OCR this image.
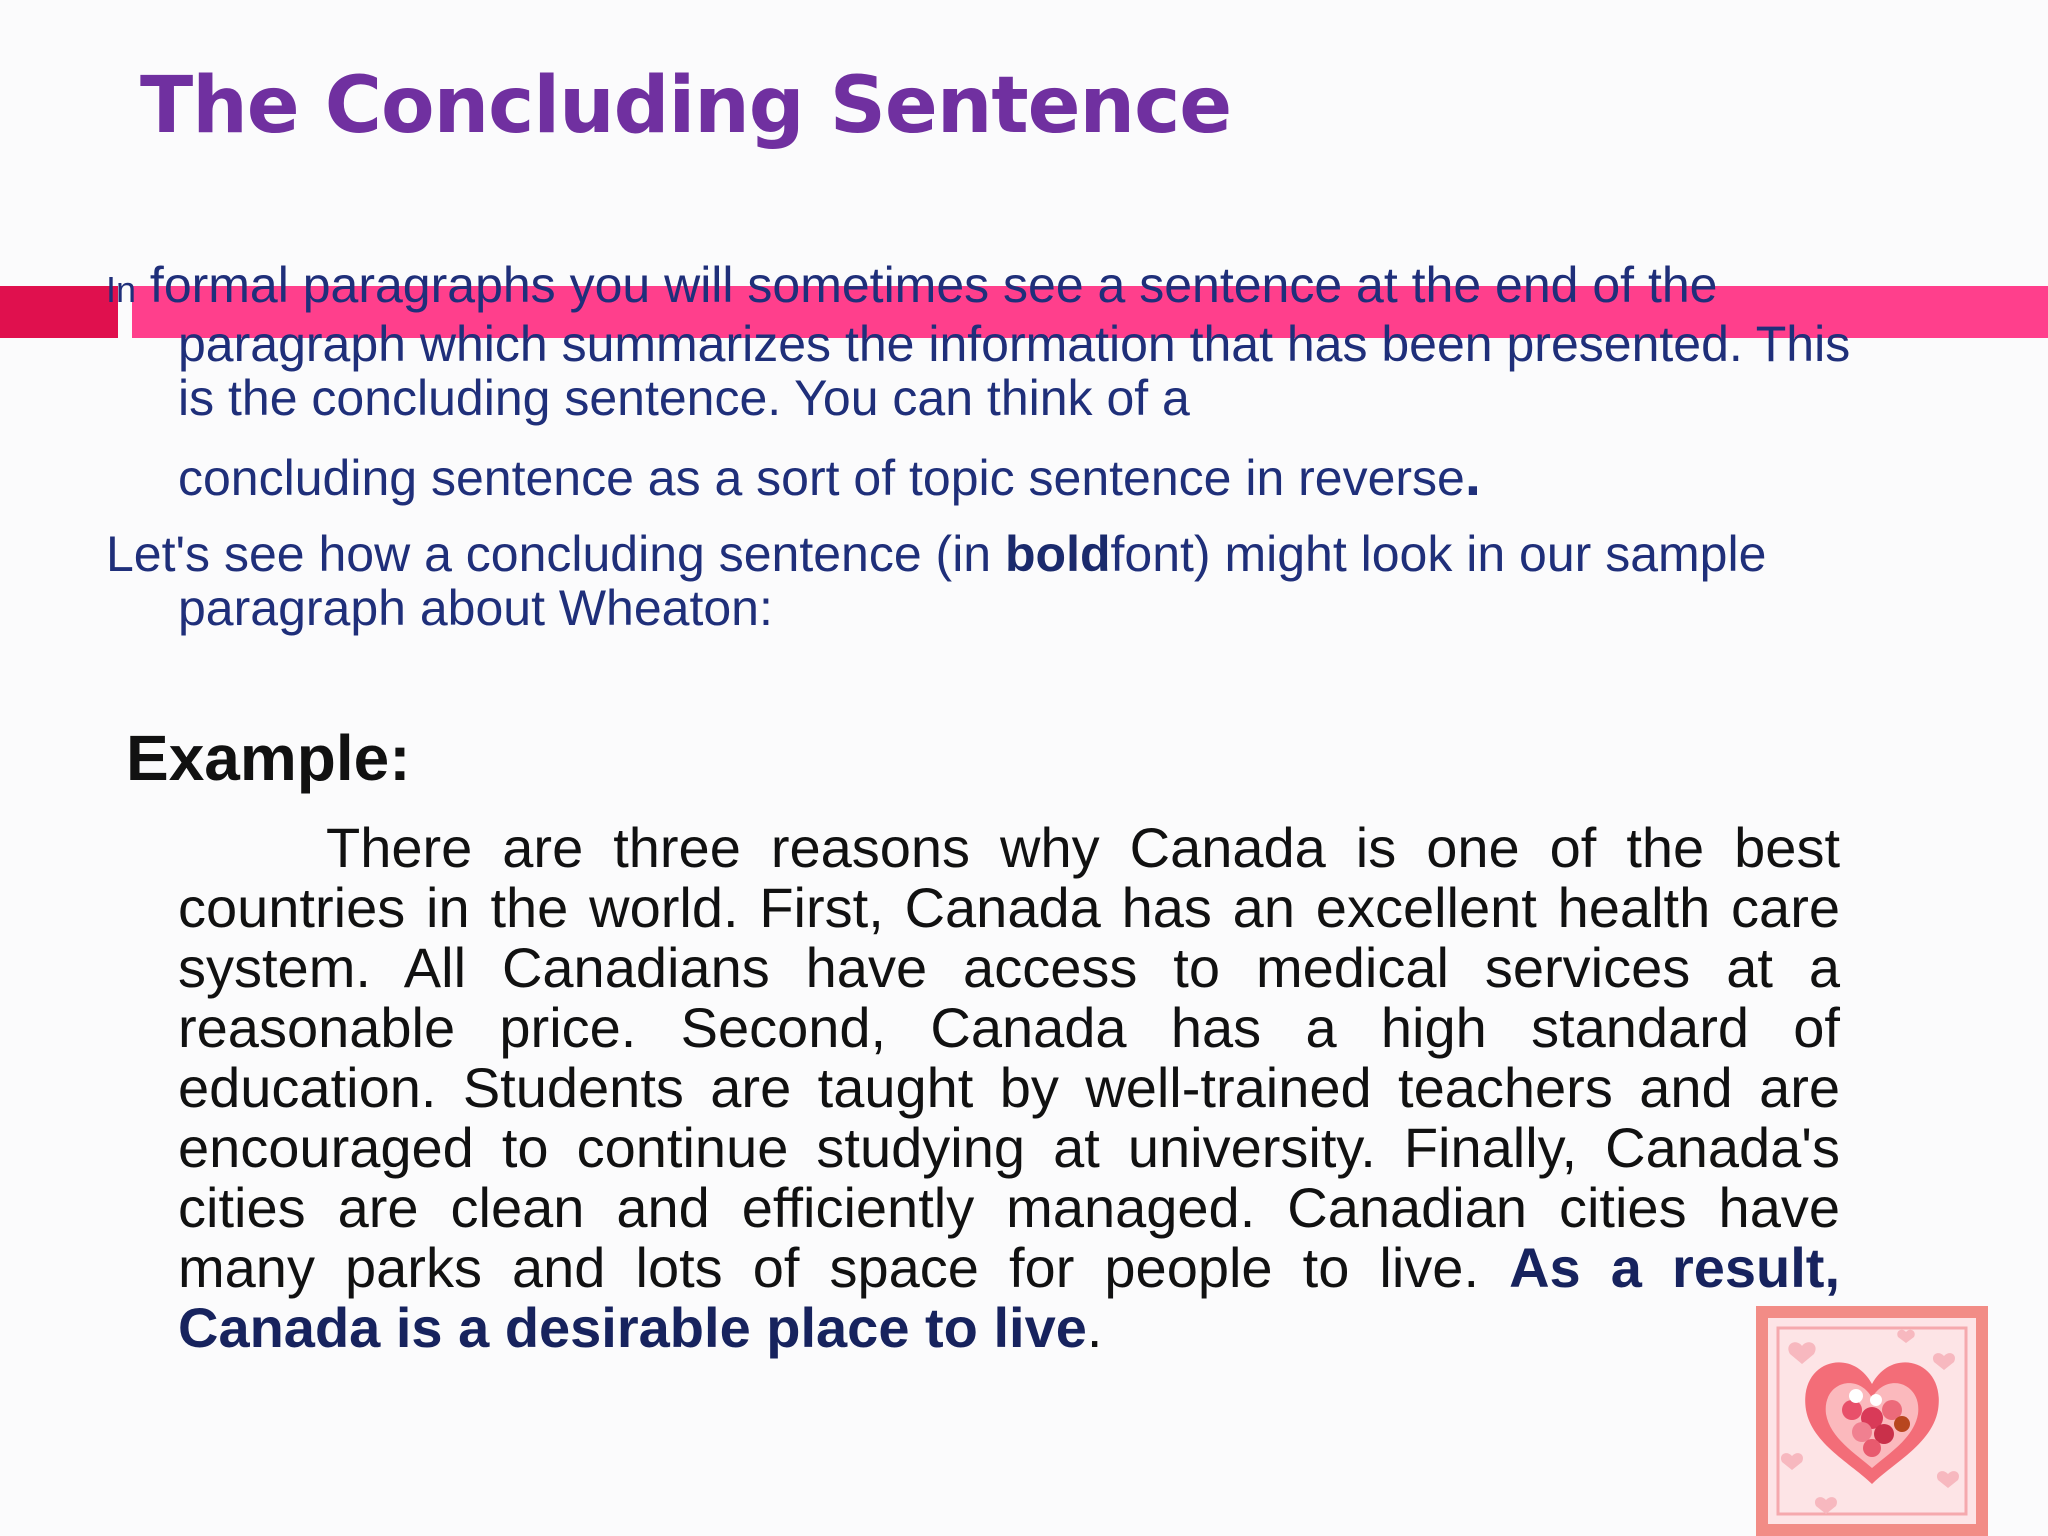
The Concluding Sentence

In formal paragraphs you will sometimes see a sentence at the end of the paragraph which summarizes the information that has been presented. This is the concluding sentence. You can think of a
concluding sentence as a sort of topic sentence in reverse.

Let's see how a concluding sentence (in boldfont) might look in our sample paragraph about Wheaton:

Example:

There are three reasons why Canada is one of the best countries in the world. First, Canada has an excellent health care system. All Canadians have access to medical services at a reasonable price. Second, Canada has a high standard of education. Students are taught by well-trained teachers and are encouraged to continue studying at university. Finally, Canada's cities are clean and efficiently managed. Canadian cities have many parks and lots of space for people to live. As a result, Canada is a desirable place to live.
